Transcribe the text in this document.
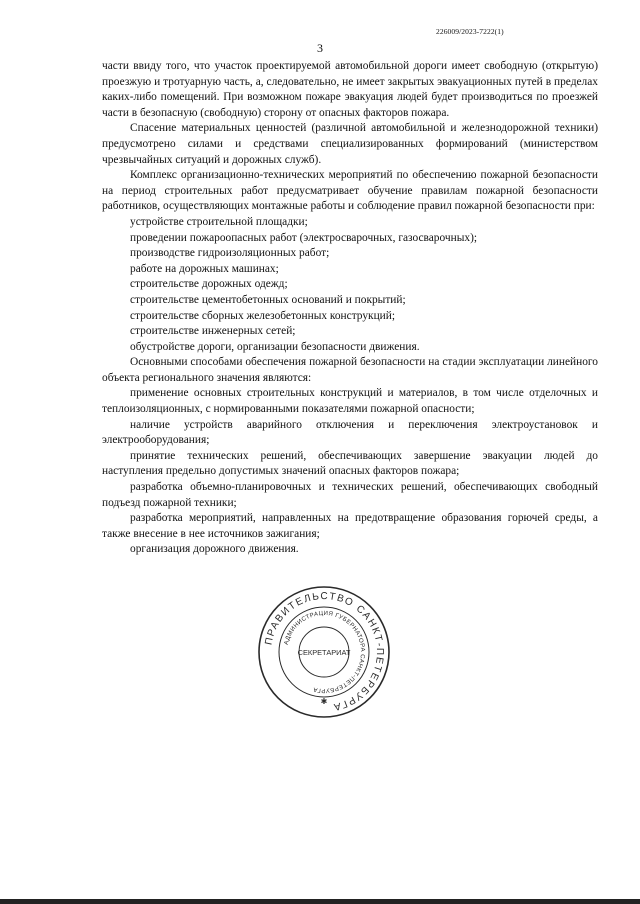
226009/2023-7222(1)
3

части ввиду того, что участок проектируемой автомобильной дороги имеет свободную (открытую) проезжую и тротуарную часть, а, следовательно, не имеет закрытых эвакуационных путей в пределах каких-либо помещений. При возможном пожаре эвакуация людей будет производиться по проезжей части в безопасную (свободную) сторону от опасных факторов пожара.

Спасение материальных ценностей (различной автомобильной и железнодорожной техники) предусмотрено силами и средствами специализированных формирований (министерством чрезвычайных ситуаций и дорожных служб).

Комплекс организационно-технических мероприятий по обеспечению пожарной безопасности на период строительных работ предусматривает обучение правилам пожарной безопасности работников, осуществляющих монтажные работы и соблюдение правил пожарной безопасности при:

устройстве строительной площадки;

проведении пожароопасных работ (электросварочных, газосварочных);

производстве гидроизоляционных работ;

работе на дорожных машинах;

строительстве дорожных одежд;

строительстве цементобетонных оснований и покрытий;

строительстве сборных железобетонных конструкций;

строительстве инженерных сетей;

обустройстве дороги, организации безопасности движения.

Основными способами обеспечения пожарной безопасности на стадии эксплуатации линейного объекта регионального значения являются:

применение основных строительных конструкций и материалов, в том числе отделочных и теплоизоляционных, с нормированными показателями пожарной опасности;

наличие устройств аварийного отключения и переключения электроустановок и электрооборудования;

принятие технических решений, обеспечивающих завершение эвакуации людей до наступления предельно допустимых значений опасных факторов пожара;

разработка объемно-планировочных и технических решений, обеспечивающих свободный подъезд пожарной техники;

разработка мероприятий, направленных на предотвращение образования горючей среды, а также внесение в нее источников зажигания;

организация дорожного движения.

ПРАВИТЕЛЬСТВО САНКТ-ПЕТЕРБУРГА
АДМИНИСТРАЦИЯ ГУБЕРНАТОРА САНКТ-ПЕТЕРБУРГА
СЕКРЕТАРИАТ
✱
